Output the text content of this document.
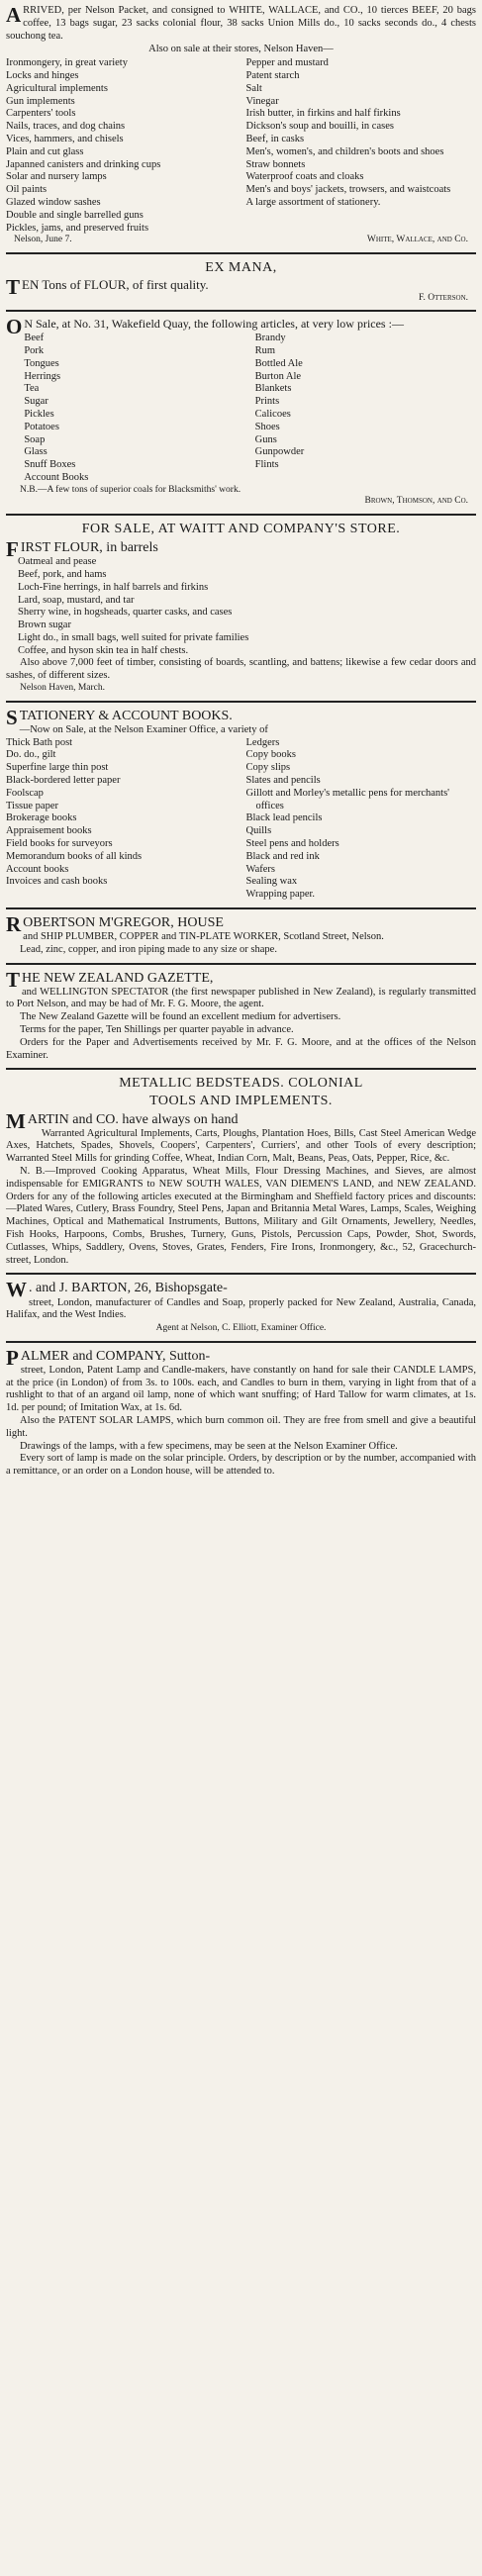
ARRIVED, per Nelson Packet, and consigned to WHITE, WALLACE, and CO., 10 tierces BEEF, 20 bags coffee, 13 bags sugar, 23 sacks colonial flour, 38 sacks Union Mills do., 10 sacks seconds do., 4 chests souchong tea.

Also on sale at their stores, Nelson Haven—

Ironmongery, in great variety

Locks and hinges

Agricultural implements

Gun implements

Carpenters' tools

Nails, traces, and dog chains

Vices, hammers, and chisels

Plain and cut glass

Japanned canisters and drinking cups

Solar and nursery lamps

Oil paints

Glazed window sashes

Double and single barrelled guns

Pickles, jams, and preserved fruits

Pepper and mustard

Patent starch

Salt

Vinegar

Irish butter, in firkins and half firkins

Dickson's soup and bouilli, in cases

Beef, in casks

Men's, women's, and children's boots and shoes

Straw bonnets

Waterproof coats and cloaks

Men's and boys' jackets, trowsers, and waistcoats

A large assortment of stationery.

Nelson, June 7.	White, Wallace, and Co.

EX MANA,

TEN Tons of FLOUR, of first quality.

F. Otterson.

O N Sale, at No. 31, Wakefield Quay, the following articles, at very low prices :—

Beef

Pork

Tongues

Herrings

Tea

Sugar

Pickles

Potatoes

Soap

Glass

Snuff Boxes

Account Books

Brandy

Rum

Bottled Ale

Burton Ale

Blankets

Prints

Calicoes

Shoes

Guns

Gunpowder

Flints

N.B.—A few tons of superior coals for Blacksmiths' work.

Brown, Thomson, and Co.

FOR SALE, AT WAITT AND COMPANY'S STORE.

FIRST FLOUR, in barrels

Oatmeal and pease

Beef, pork, and hams

Loch-Fine herrings, in half barrels and firkins

Lard, soap, mustard, and tar

Sherry wine, in hogsheads, quarter casks, and cases

Brown sugar

Light do., in small bags, well suited for private families

Coffee, and hyson skin tea in half chests.

Also above 7,000 feet of timber, consisting of boards, scantling, and battens; likewise a few cedar doors and sashes, of different sizes.

Nelson Haven, March.

STATIONERY & ACCOUNT BOOKS.

—Now on Sale, at the Nelson Examiner Office, a variety of

Thick Bath post

Do. do., gilt

Superfine large thin post

Black-bordered letter paper

Foolscap

Tissue paper

Brokerage books

Appraisement books

Field books for surveyors

Memorandum books of all kinds

Account books

Invoices and cash books

Ledgers

Copy books

Copy slips

Slates and pencils

Gillott and Morley's metallic pens for merchants' offices

Black lead pencils

Quills

Steel pens and holders

Black and red ink

Wafers

Sealing wax

Wrapping paper.

ROBERTSON M'GREGOR, HOUSE

and SHIP PLUMBER, COPPER and TIN-PLATE WORKER, Scotland Street, Nelson.

Lead, zinc, copper, and iron piping made to any size or shape.

THE NEW ZEALAND GAZETTE,

and WELLINGTON SPECTATOR (the first newspaper published in New Zealand), is regularly transmitted to Port Nelson, and may be had of Mr. F. G. Moore, the agent.

The New Zealand Gazette will be found an excellent medium for advertisers.

Terms for the paper, Ten Shillings per quarter payable in advance.

Orders for the Paper and Advertisements received by Mr. F. G. Moore, and at the offices of the Nelson Examiner.

METALLIC BEDSTEADS. COLONIAL

TOOLS AND IMPLEMENTS.

MARTIN and CO. have always on hand

Warranted Agricultural Implements, Carts, Ploughs, Plantation Hoes, Bills, Cast Steel American Wedge Axes, Hatchets, Spades, Shovels, Coopers', Carpenters', Curriers', and other Tools of every description; Warranted Steel Mills for grinding Coffee, Wheat, Indian Corn, Malt, Beans, Peas, Oats, Pepper, Rice, &c.

N. B.—Improved Cooking Apparatus, Wheat Mills, Flour Dressing Machines, and Sieves, are almost indispensable for EMIGRANTS to NEW SOUTH WALES, VAN DIEMEN'S LAND, and NEW ZEALAND. Orders for any of the following articles executed at the Birmingham and Sheffield factory prices and discounts:—Plated Wares, Cutlery, Brass Foundry, Steel Pens, Japan and Britannia Metal Wares, Lamps, Scales, Weighing Machines, Optical and Mathematical Instruments, Buttons, Military and Gilt Ornaments, Jewellery, Needles, Fish Hooks, Harpoons, Combs, Brushes, Turnery, Guns, Pistols, Percussion Caps, Powder, Shot, Swords, Cutlasses, Whips, Saddlery, Ovens, Stoves, Grates, Fenders, Fire Irons, Ironmongery, &c., 52, Gracechurch-street, London.

W . and J. BARTON, 26, Bishopsgate-

street, London, manufacturer of Candles and Soap, properly packed for New Zealand, Australia, Canada, Halifax, and the West Indies.

Agent at Nelson, C. Elliott, Examiner Office.

PALMER and COMPANY, Sutton-

street, London, Patent Lamp and Candle-makers, have constantly on hand for sale their CANDLE LAMPS, at the price (in London) of from 3s. to 100s. each, and Candles to burn in them, varying in light from that of a rushlight to that of an argand oil lamp, none of which want snuffing; of Hard Tallow for warm climates, at 1s. 1d. per pound; of Imitation Wax, at 1s. 6d.

Also the PATENT SOLAR LAMPS, which burn common oil. They are free from smell and give a beautiful light.

Drawings of the lamps, with a few specimens, may be seen at the Nelson Examiner Office.

Every sort of lamp is made on the solar principle. Orders, by description or by the number, accompanied with a remittance, or an order on a London house, will be attended to.
